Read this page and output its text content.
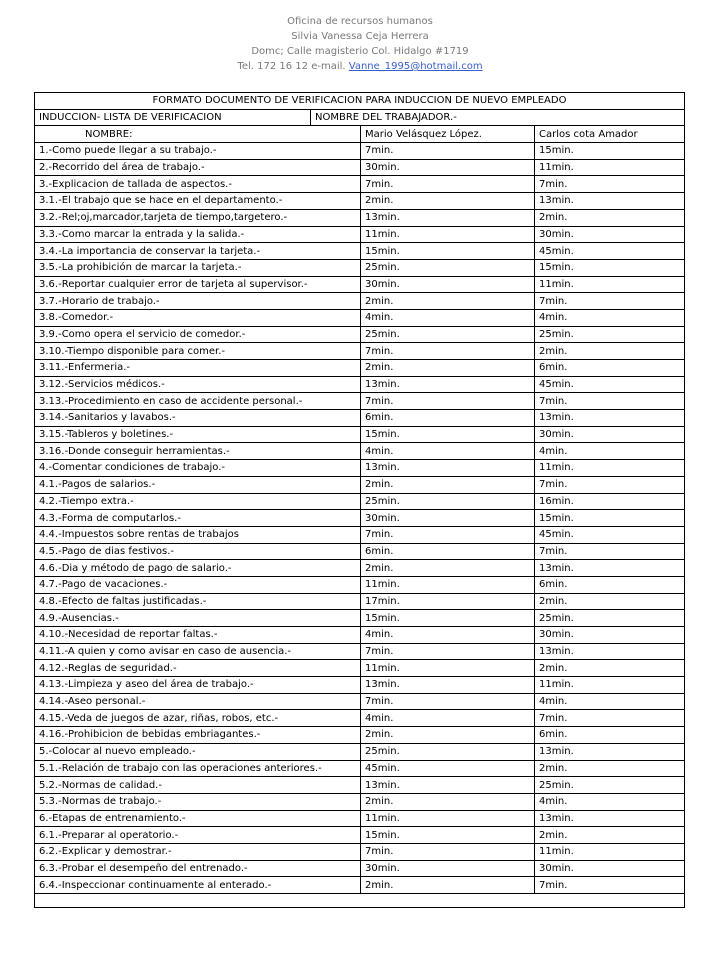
Oficina de recursos humanos
Silvia Vanessa Ceja Herrera
Domc; Calle magisterio Col. Hidalgo #1719
Tel. 172 16 12 e-mail. Vanne_1995@hotmail.com
FORMATO DOCUMENTO DE VERIFICACION PARA INDUCCION DE NUEVO EMPLEADO			
INDUCCION- LISTA DE VERIFICACION	NOMBRE DEL TRABAJADOR.-		
NOMBRE:		Mario Velásquez López.	Carlos cota Amador
1.-Como puede llegar a su trabajo.-		7min.	15min.
2.-Recorrido del área de trabajo.-		30min.	11min.
3.-Explicacion de tallada de aspectos.-		7min.	7min.
3.1.-El trabajo que se hace en el departamento.-		2min.	13min.
3.2.-Rel;oj,marcador,tarjeta de tiempo,targetero.-		13min.	2min.
3.3.-Como marcar la entrada y la salida.-		11min.	30min.
3.4.-La importancia de conservar la tarjeta.-		15min.	45min.
3.5.-La prohibición de marcar la tarjeta.-		25min.	15min.
3.6.-Reportar cualquier error de tarjeta al supervisor.-		30min.	11min.
3.7.-Horario de trabajo.-		2min.	7min.
3.8.-Comedor.-		4min.	4min.
3.9.-Como opera el servicio de comedor.-		25min.	25min.
3.10.-Tiempo disponible para comer.-		7min.	2min.
3.11.-Enfermeria.-		2min.	6min.
3.12.-Servicios médicos.-		13min.	45min.
3.13.-Procedimiento en caso de accidente personal.-		7min.	7min.
3.14.-Sanitarios y lavabos.-		6min.	13min.
3.15.-Tableros y boletines.-		15min.	30min.
3.16.-Donde conseguir herramientas.-		4min.	4min.
4.-Comentar condiciones de trabajo.-		13min.	11min.
4.1.-Pagos de salarios.-		2min.	7min.
4.2.-Tiempo extra.-		25min.	16min.
4.3.-Forma de computarlos.-		30min.	15min.
4.4.-Impuestos sobre rentas de trabajos		7min.	45min.
4.5.-Pago de dias festivos.-		6min.	7min.
4.6.-Dia y método de pago de salario.-		2min.	13min.
4.7.-Pago de vacaciones.-		11min.	6min.
4.8.-Efecto de faltas justificadas.-		17min.	2min.
4.9.-Ausencias.-		15min.	25min.
4.10.-Necesidad de reportar faltas.-		4min.	30min.
4.11.-A quien y como avisar en caso de ausencia.-		7min.	13min.
4.12.-Reglas de seguridad.-		11min.	2min.
4.13.-Limpieza y aseo del área de trabajo.-		13min.	11min.
4.14.-Aseo personal.-		7min.	4min.
4.15.-Veda de juegos de azar, riñas, robos, etc.-		4min.	7min.
4.16.-Prohibicion de bebidas embriagantes.-		2min.	6min.
5.-Colocar al nuevo empleado.-		25min.	13min.
5.1.-Relación de trabajo con las operaciones anteriores.-		45min.	2min.
5.2.-Normas de calidad.-		13min.	25min.
5.3.-Normas de trabajo.-		2min.	4min.
6.-Etapas de entrenamiento.-		11min.	13min.
6.1.-Preparar al operatorio.-		15min.	2min.
6.2.-Explicar y demostrar.-		7min.	11min.
6.3.-Probar el desempeño del entrenado.-		30min.	30min.
6.4.-Inspeccionar continuamente al enterado.-		2min.	7min.
